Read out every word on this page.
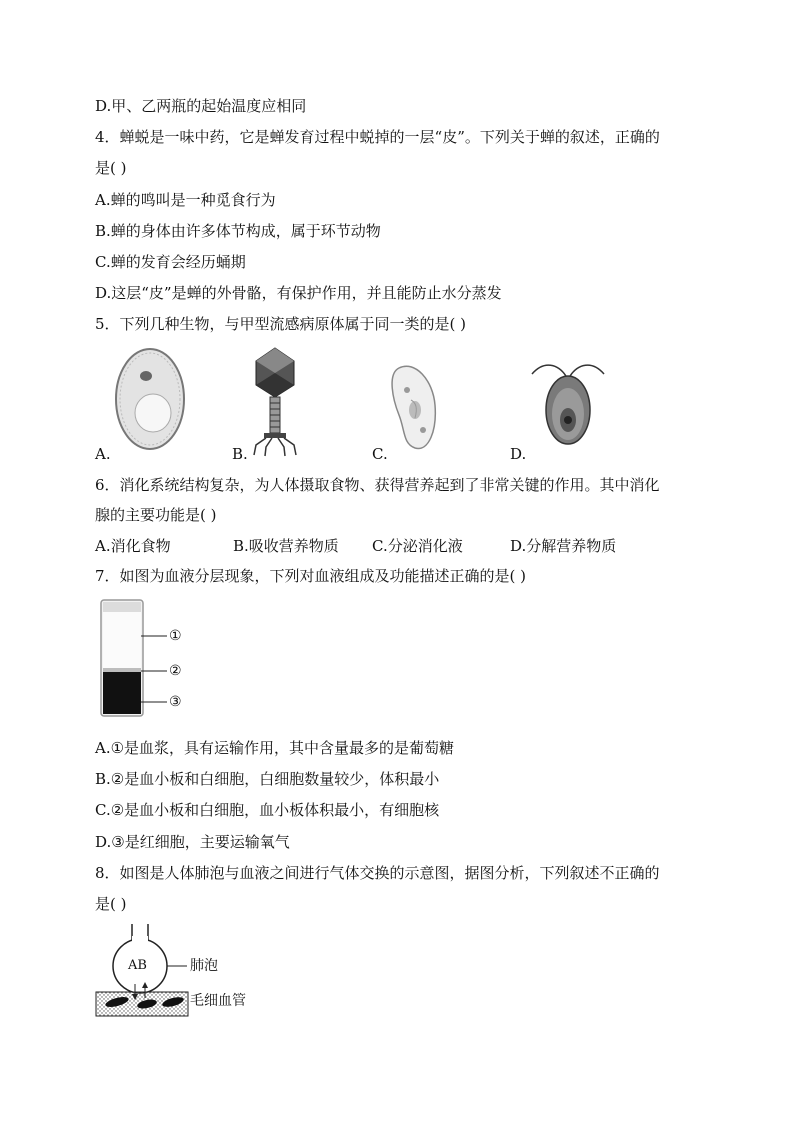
D.甲、乙两瓶的起始温度应相同
4．蝉蜕是一味中药，它是蝉发育过程中蜕掉的一层“皮”。下列关于蝉的叙述，正确的
是( )
A.蝉的鸣叫是一种觅食行为
B.蝉的身体由许多体节构成，属于环节动物
C.蝉的发育会经历蛹期
D.这层“皮”是蝉的外骨骼，有保护作用，并且能防止水分蒸发
5．下列几种生物，与甲型流感病原体属于同一类的是( )
A.	B.	C.	D.
6．消化系统结构复杂，为人体摄取食物、获得营养起到了非常关键的作用。其中消化
腺的主要功能是( )
A.消化食物	B.吸收营养物质 C.分泌消化液	D.分解营养物质
7．如图为血液分层现象，下列对血液组成及功能描述正确的是( )
①
②
③
A.①是血浆，具有运输作用，其中含量最多的是葡萄糖
B.②是血小板和白细胞，白细胞数量较少，体积最小
C.②是血小板和白细胞，血小板体积最小，有细胞核
D.③是红细胞，主要运输氧气
8．如图是人体肺泡与血液之间进行气体交换的示意图，据图分析，下列叙述不正确的
是( )
AB	肺泡
毛细血管
